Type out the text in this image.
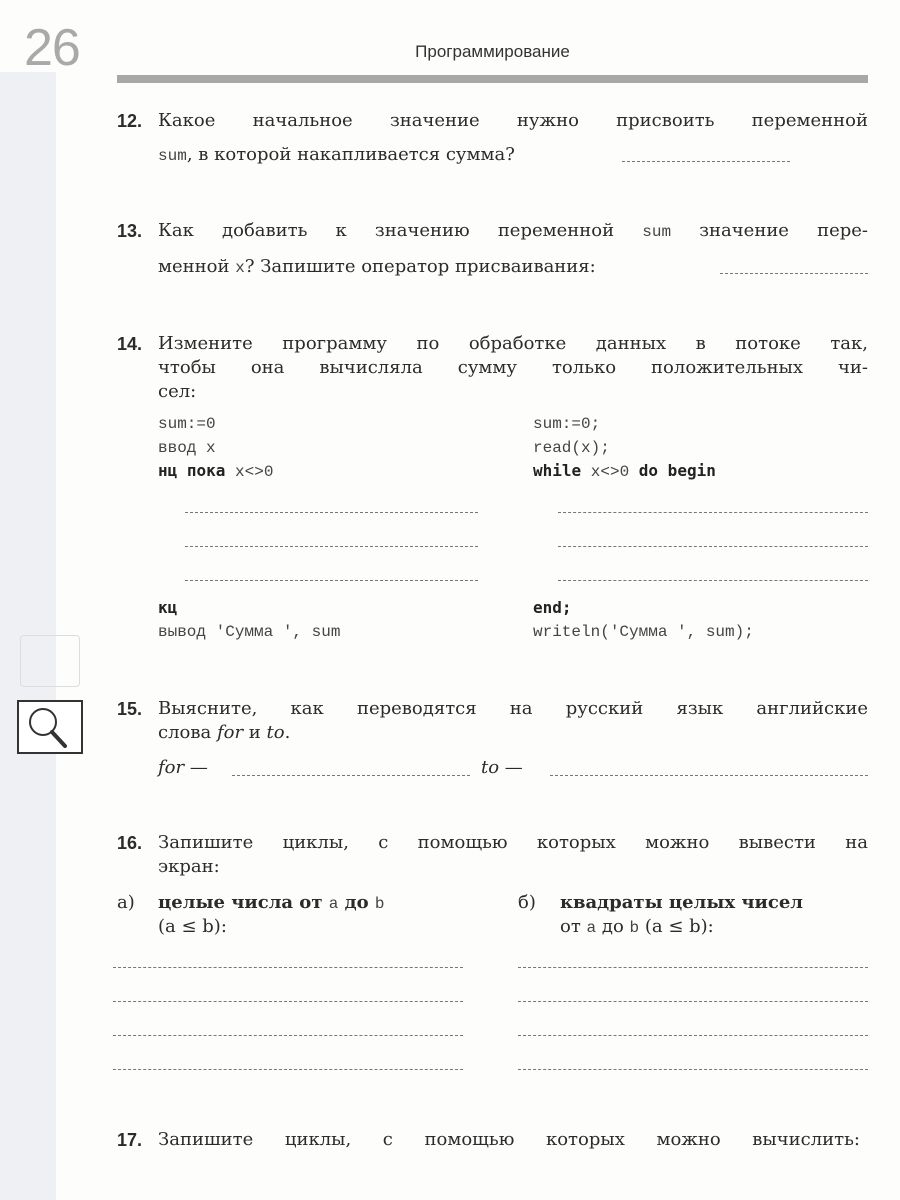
26	Программирование
12. Какое начальное значение нужно присвоить переменной
sum, в которой накапливается сумма?
13. Как добавить к значению переменной sum значение пере-
менной x? Запишите оператор присваивания:
14. Измените программу по обработке данных в потоке так,
чтобы она вычисляла сумму только положительных чи-
сел:
sum:=0
ввод x
нц пока x<>0
sum:=0;
read(x);
while x<>0 do begin
кц
вывод 'Сумма ', sum
end;
writeln('Сумма ', sum);
15. Выясните, как переводятся на русский язык английские
слова for и to.
for —	to —
16. Запишите циклы, с помощью которых можно вывести на
экран:
а) целые числа от a до b
(a ≤ b):
б) квадраты целых чисел
от a до b (a ≤ b):
17. Запишите циклы, с помощью которых можно вычислить:
